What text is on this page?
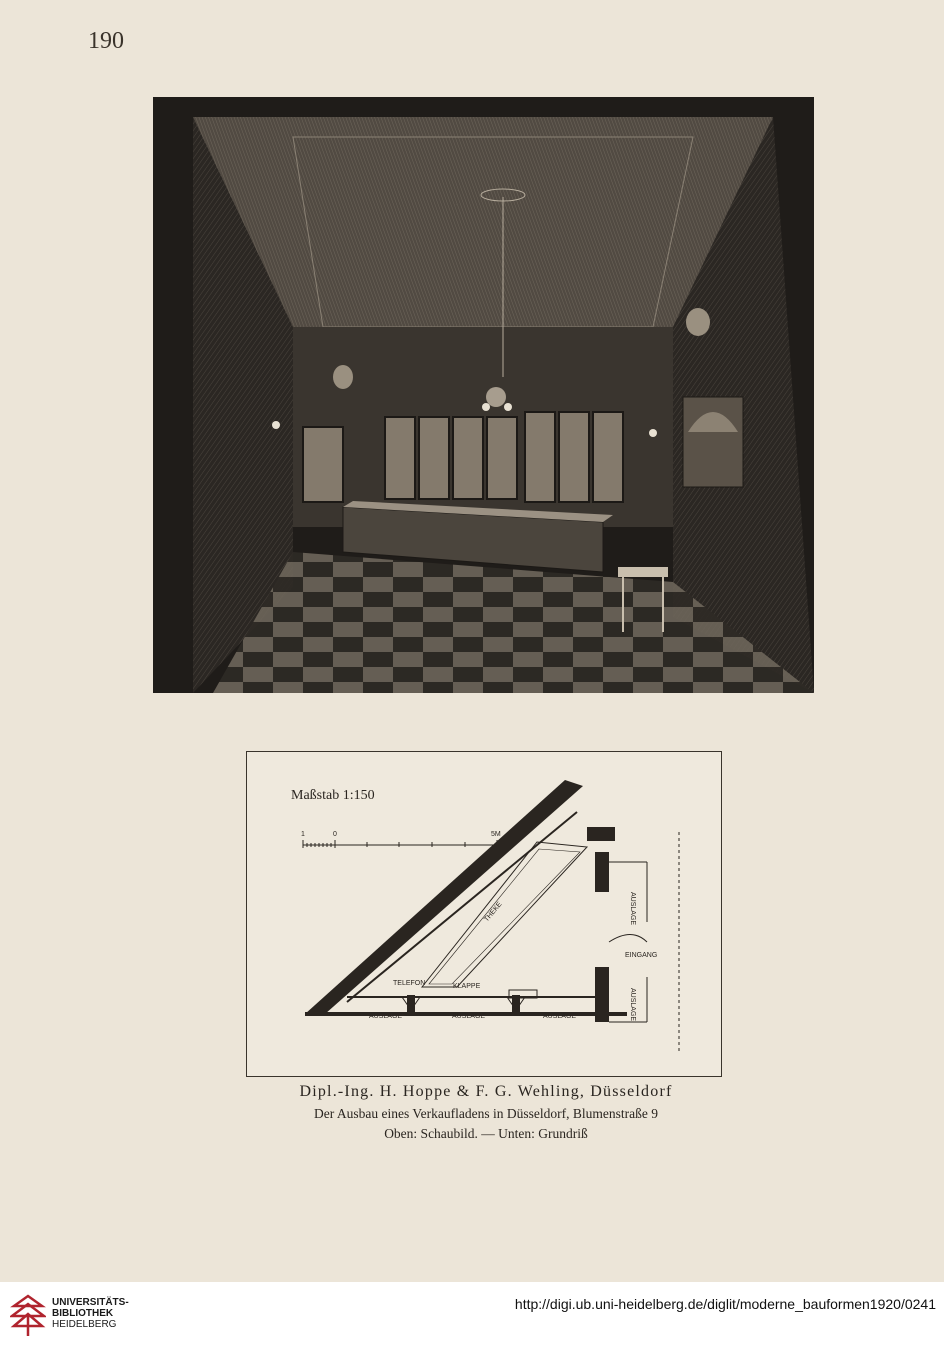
190
Maßstab 1:150
1	0	5M
THEKE
TELEFON	KLAPPE
EINGANG
AUSLAGE	AUSLAGE	AUSLAGE
AUSLAGE
AUSLAGE
Dipl.-Ing. H. Hoppe & F. G. Wehling, Düsseldorf
Der Ausbau eines Verkaufladens in Düsseldorf, Blumenstraße 9
Oben: Schaubild. — Unten: Grundriß
UNIVERSITÄTS-
BIBLIOTHEK
HEIDELBERG
http://digi.ub.uni-heidelberg.de/diglit/moderne_bauformen1920/0241
